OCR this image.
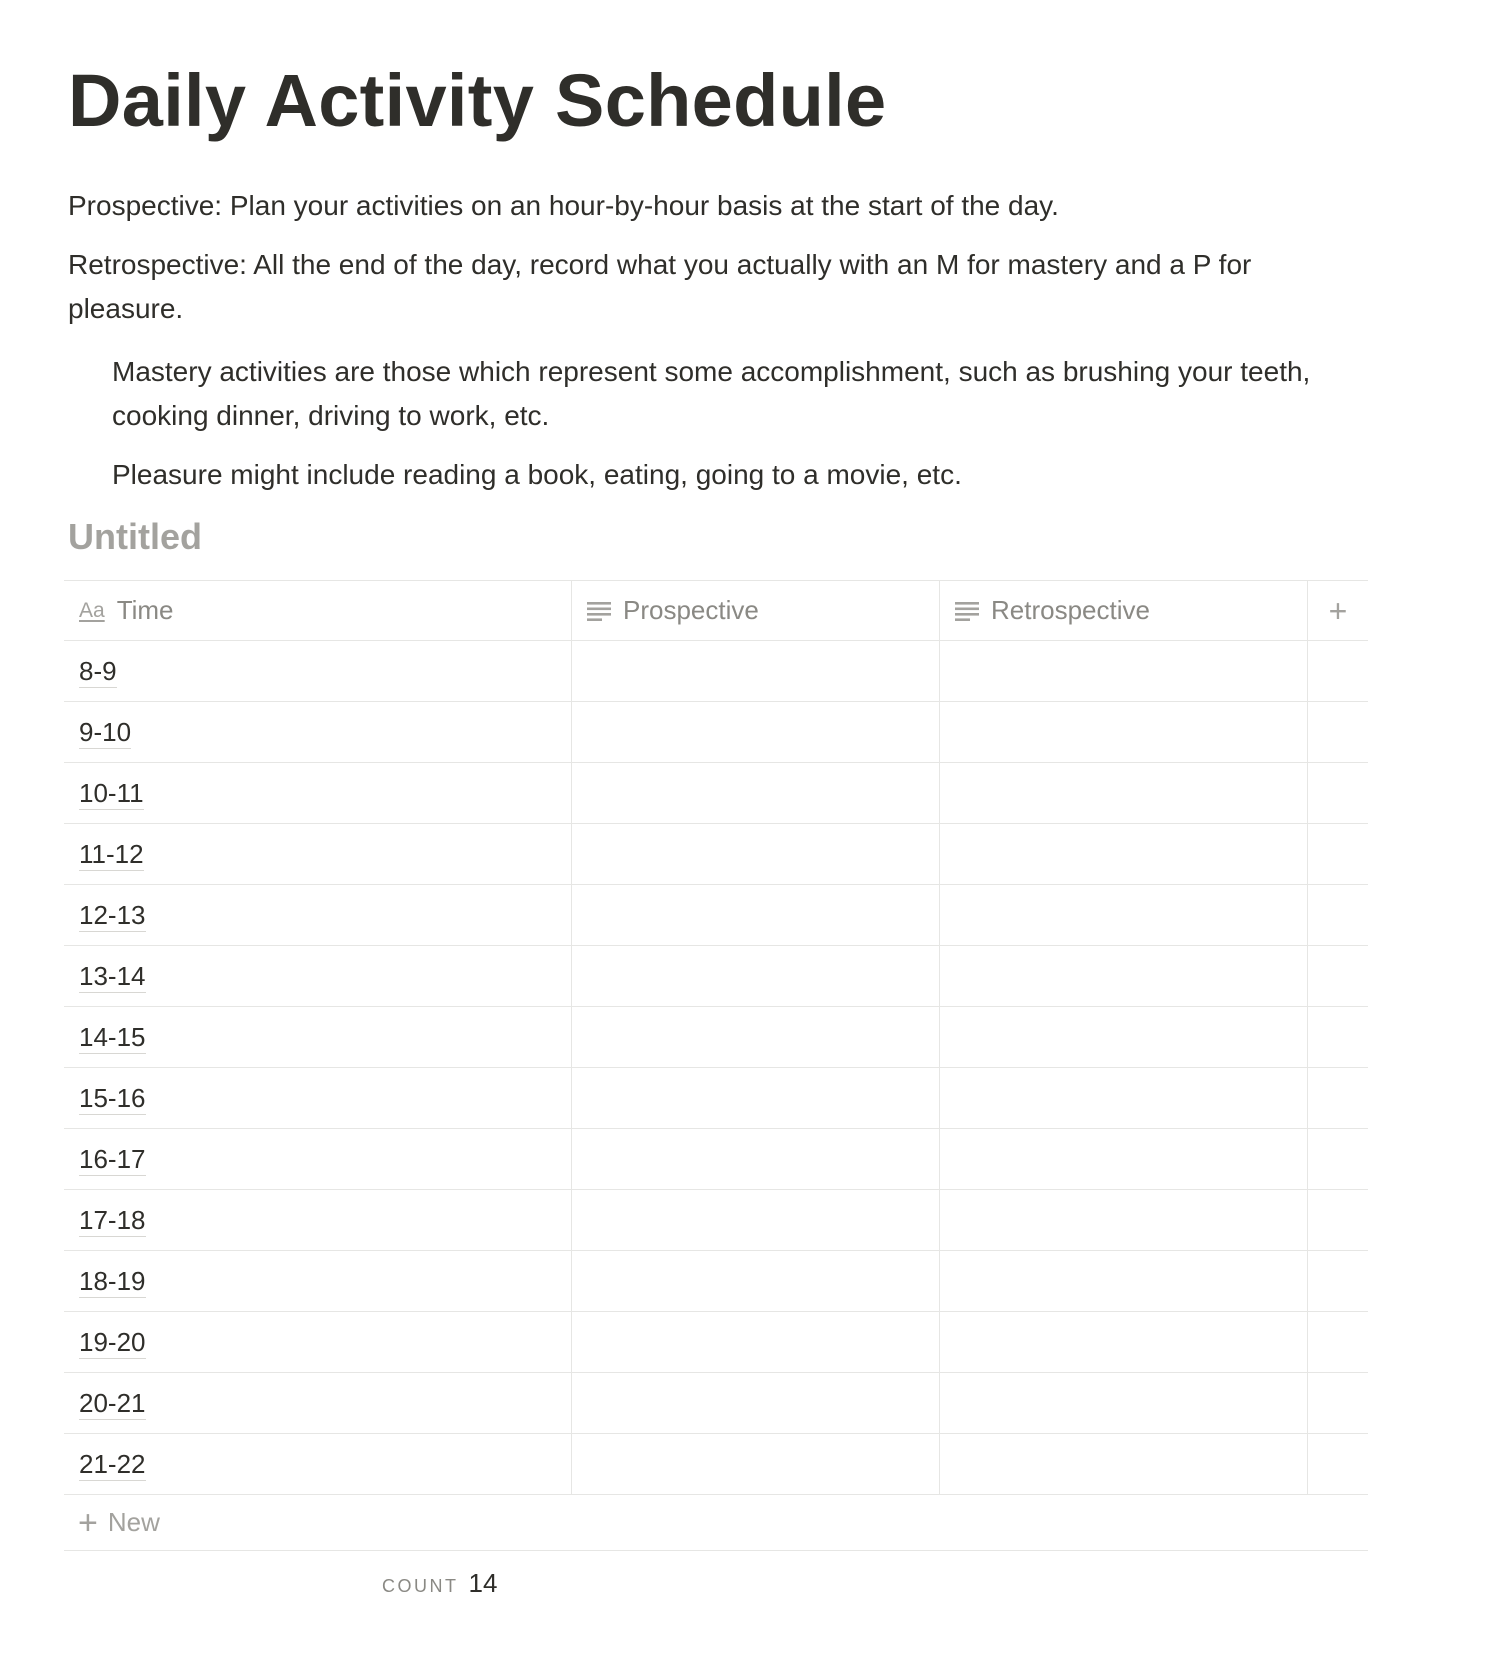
Daily Activity Schedule

Prospective: Plan your activities on an hour-by-hour basis at the start of the day.

Retrospective: All the end of the day, record what you actually with an M for mastery and a P for pleasure.

Mastery activities are those which represent some accomplishment, such as brushing your teeth, cooking dinner, driving to work, etc.

Pleasure might include reading a book, eating, going to a movie, etc.

Untitled
Aa Time	Prospective	Retrospective	+
8-9
9-10
10-11
11-12
12-13
13-14
14-15
15-16
16-17
17-18
18-19
19-20
20-21
21-22
+ New
COUNT 14
